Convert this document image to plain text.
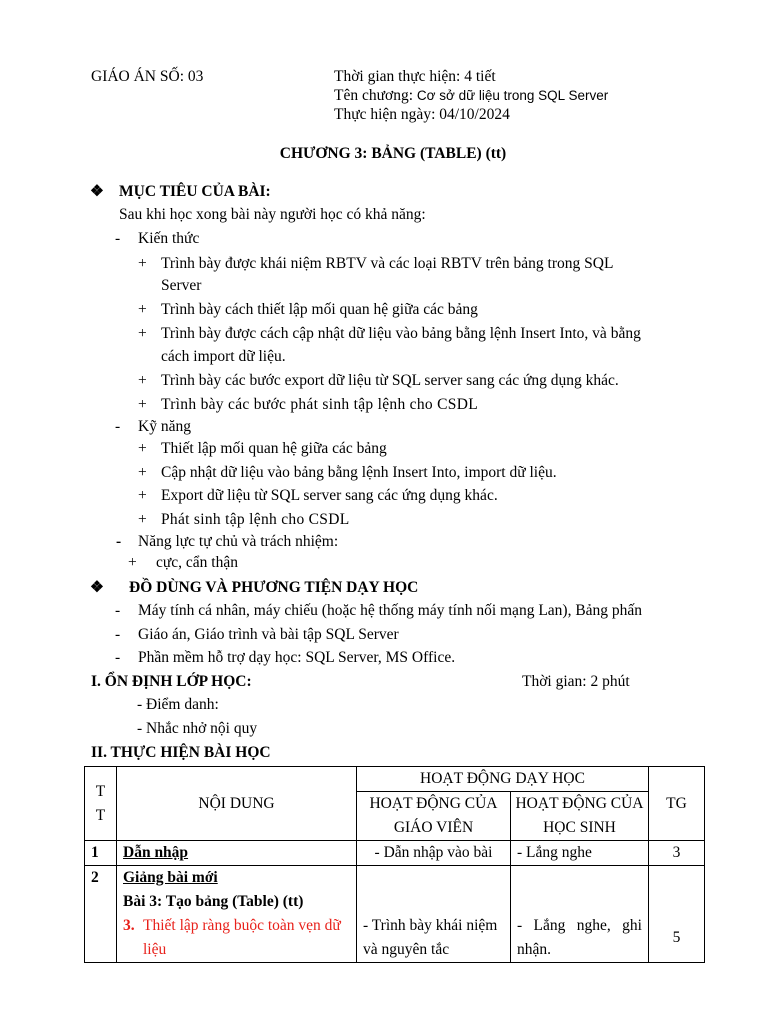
GIÁO ÁN SỐ: 03	Thời gian thực hiện: 4 tiết
Tên chương: Cơ sở dữ liệu trong SQL Server
Thực hiện ngày: 04/10/2024
CHƯƠNG 3: BẢNG (TABLE) (tt)
❖ MỤC TIÊU CỦA BÀI:
Sau khi học xong bài này người học có khả năng:
- Kiến thức
+ Trình bày được khái niệm RBTV và các loại RBTV trên bảng trong SQL
Server
+ Trình bày cách thiết lập mối quan hệ giữa các bảng
+ Trình bày được cách cập nhật dữ liệu vào bảng bằng lệnh Insert Into, và bằng
cách import dữ liệu.
+ Trình bày các bước export dữ liệu từ SQL server sang các ứng dụng khác.
+ Trình bày các bước phát sinh tập lệnh cho CSDL
- Kỹ năng
+ Thiết lập mối quan hệ giữa các bảng
+ Cập nhật dữ liệu vào bảng bằng lệnh Insert Into, import dữ liệu.
+ Export dữ liệu từ SQL server sang các ứng dụng khác.
+ Phát sinh tập lệnh cho CSDL
- Năng lực tự chủ và trách nhiệm:
+ cực, cẩn thận
❖ ĐỒ DÙNG VÀ PHƯƠNG TIỆN DẠY HỌC
- Máy tính cá nhân, máy chiếu (hoặc hệ thống máy tính nối mạng Lan), Bảng phấn
- Giáo án, Giáo trình và bài tập SQL Server
- Phần mềm hỗ trợ dạy học: SQL Server, MS Office.
I. ỔN ĐỊNH LỚP HỌC:	Thời gian: 2 phút
- Điểm danh:
- Nhắc nhở nội quy
II. THỰC HIỆN BÀI HỌC
T
T	NỘI DUNG	HOẠT ĐỘNG DẠY HỌC		TG
		HOẠT ĐỘNG CỦA GIÁO VIÊN	HOẠT ĐỘNG CỦA HỌC SINH	
1	Dẫn nhập	- Dẫn nhập vào bài	- Lắng nghe	3
2	Giảng bài mới
Bài 3: Tạo bảng (Table) (tt)
3. Thiết lập ràng buộc toàn vẹn dữ liệu	- Trình bày khái niệm và nguyên tắc	- Lắng nghe, ghi nhận.	5
